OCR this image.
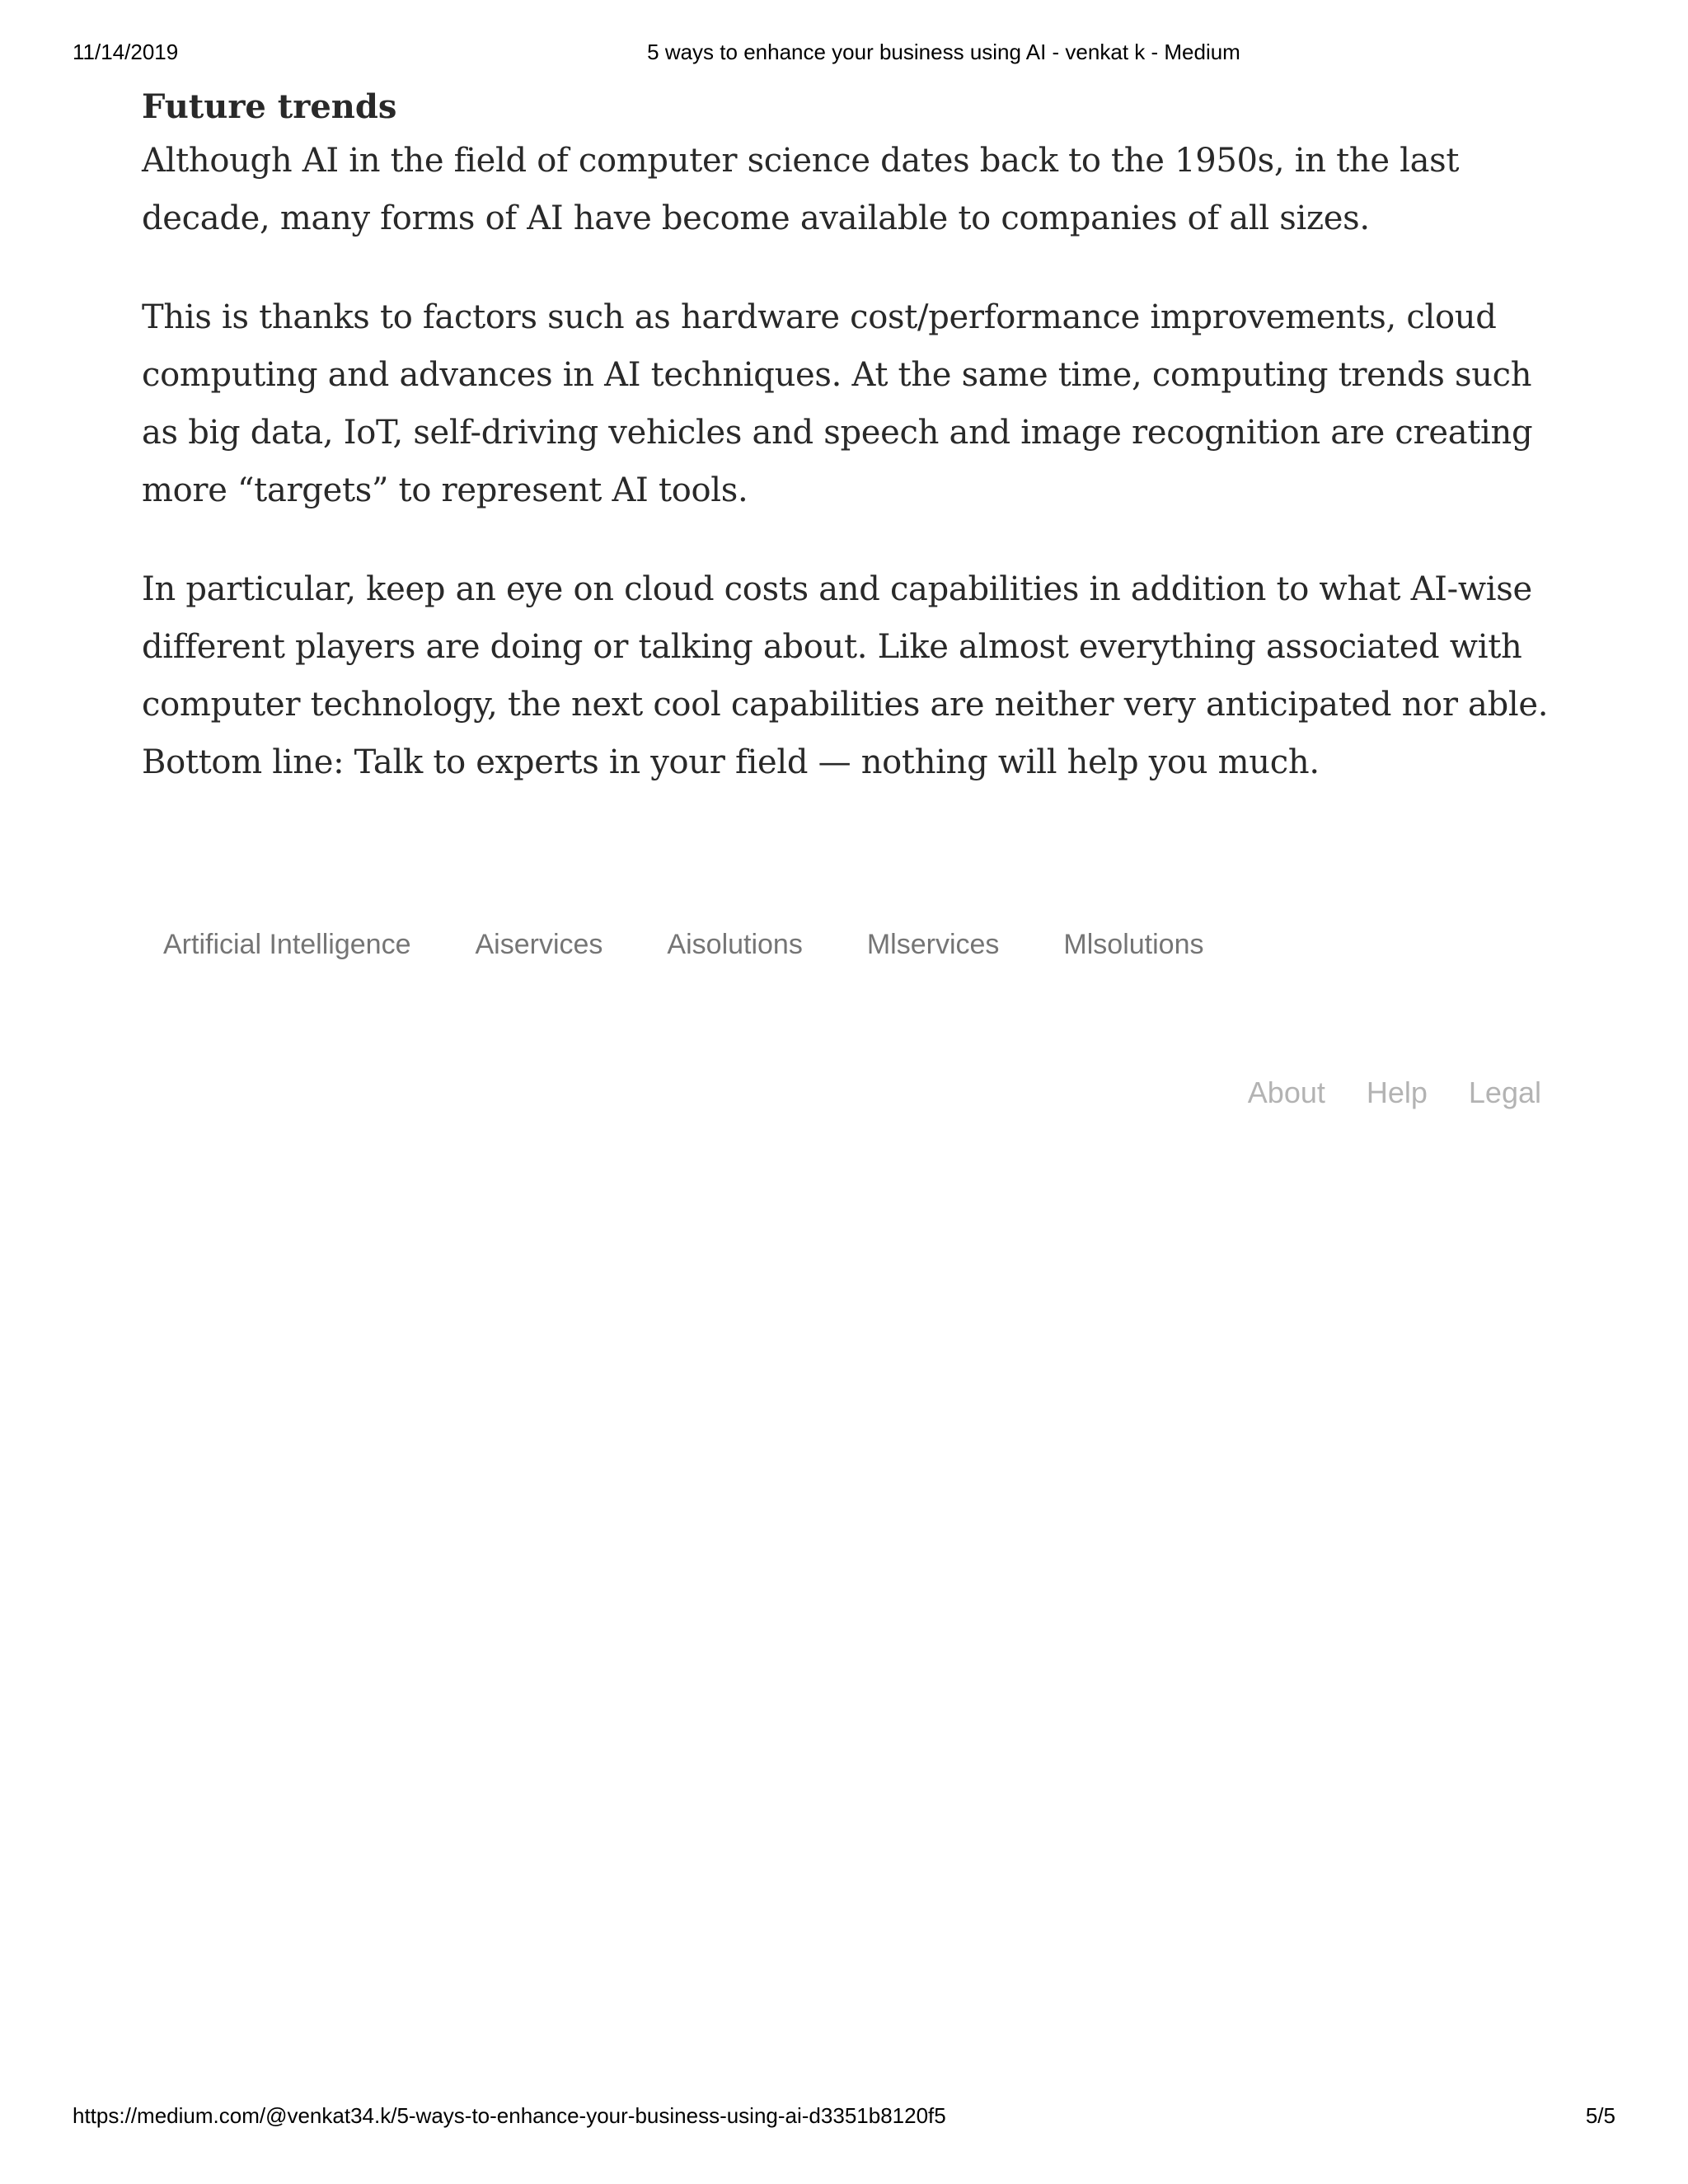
11/14/2019	5 ways to enhance your business using AI - venkat k - Medium
Future trends

Although AI in the field of computer science dates back to the 1950s, in the last decade, many forms of AI have become available to companies of all sizes.

This is thanks to factors such as hardware cost/performance improvements, cloud computing and advances in AI techniques. At the same time, computing trends such as big data, IoT, self-driving vehicles and speech and image recognition are creating more “targets” to represent AI tools.

In particular, keep an eye on cloud costs and capabilities in addition to what AI-wise different players are doing or talking about. Like almost everything associated with computer technology, the next cool capabilities are neither very anticipated nor able. Bottom line: Talk to experts in your field — nothing will help you much.

Artificial Intelligence	Aiservices	Aisolutions	Mlservices	Mlsolutions
About Help Legal
https://medium.com/@venkat34.k/5-ways-to-enhance-your-business-using-ai-d3351b8120f5	5/5
